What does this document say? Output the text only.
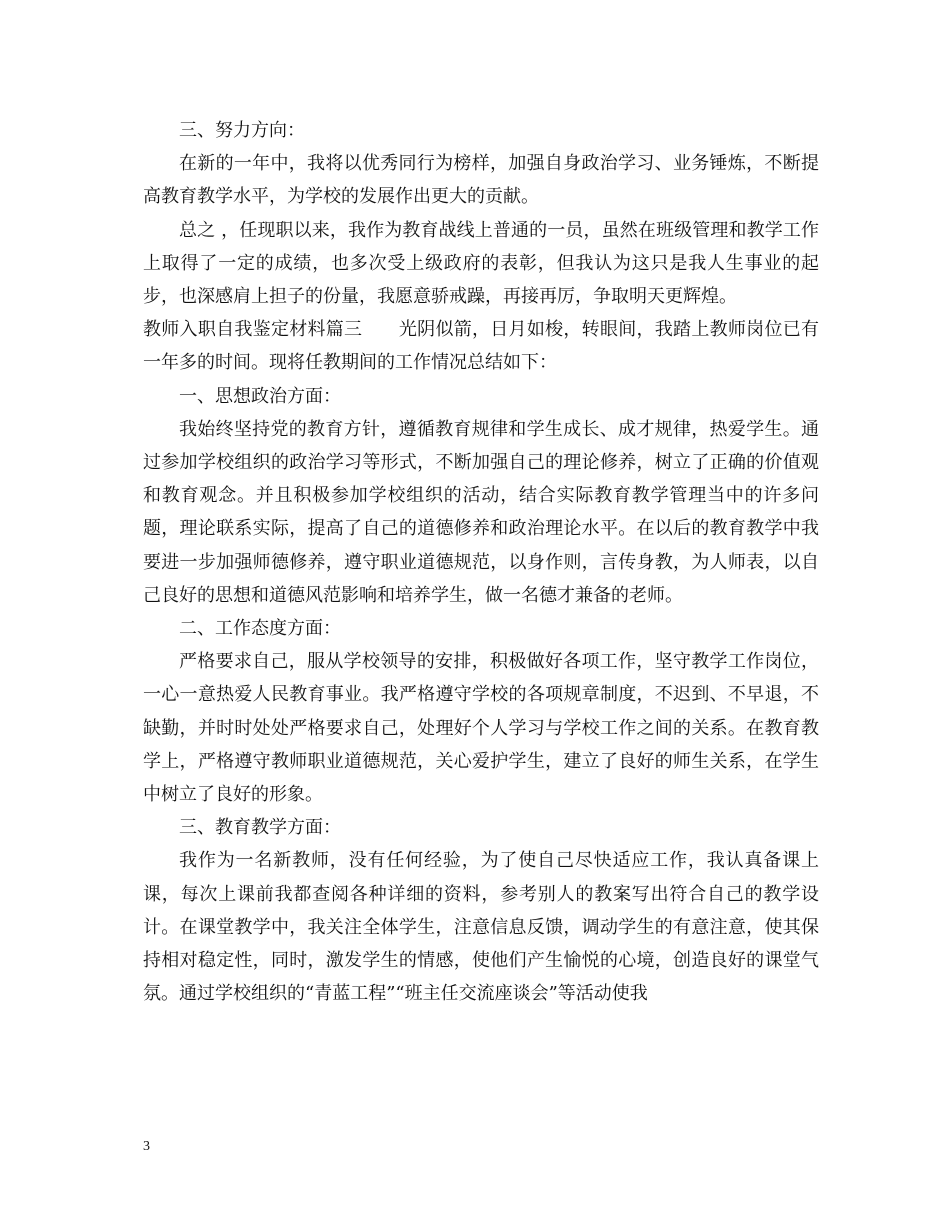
三、努力方向：

在新的一年中，我将以优秀同行为榜样，加强自身政治学习、业务锤炼，不断提高教育教学水平，为学校的发展作出更大的贡献。

总之 ，任现职以来，我作为教育战线上普通的一员，虽然在班级管理和教学工作上取得了一定的成绩，也多次受上级政府的表彰，但我认为这只是我人生事业的起步，也深感肩上担子的份量，我愿意骄戒躁，再接再厉，争取明天更辉煌。

教师入职自我鉴定材料篇三　　光阴似箭，日月如梭，转眼间，我踏上教师岗位已有一年多的时间。现将任教期间的工作情况总结如下：

一、思想政治方面：

我始终坚持党的教育方针，遵循教育规律和学生成长、成才规律，热爱学生。通过参加学校组织的政治学习等形式，不断加强自己的理论修养，树立了正确的价值观和教育观念。并且积极参加学校组织的活动，结合实际教育教学管理当中的许多问题，理论联系实际，提高了自己的道德修养和政治理论水平。在以后的教育教学中我要进一步加强师德修养，遵守职业道德规范，以身作则，言传身教，为人师表，以自己良好的思想和道德风范影响和培养学生，做一名德才兼备的老师。

二、工作态度方面：

严格要求自己，服从学校领导的安排，积极做好各项工作，坚守教学工作岗位，一心一意热爱人民教育事业。我严格遵守学校的各项规章制度，不迟到、不早退，不缺勤，并时时处处严格要求自己，处理好个人学习与学校工作之间的关系。在教育教学上，严格遵守教师职业道德规范，关心爱护学生，建立了良好的师生关系，在学生中树立了良好的形象。

三、教育教学方面：

我作为一名新教师，没有任何经验，为了使自己尽快适应工作，我认真备课上课，每次上课前我都查阅各种详细的资料，参考别人的教案写出符合自己的教学设计。在课堂教学中，我关注全体学生，注意信息反馈，调动学生的有意注意，使其保持相对稳定性，同时，激发学生的情感，使他们产生愉悦的心境，创造良好的课堂气氛。通过学校组织的“青蓝工程”“班主任交流座谈会”等活动使我

3
